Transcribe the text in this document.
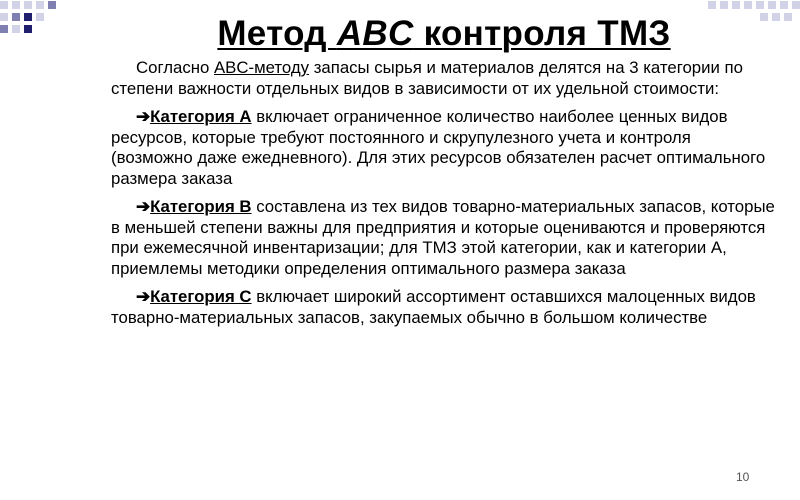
Метод ABC контроля ТМЗ

Согласно ABC-методу запасы сырья и материалов делятся на 3 категории по степени важности отдельных видов в зависимости от их удельной стоимости:

➔Категория А включает ограниченное количество наиболее ценных видов ресурсов, которые требуют постоянного и скрупулезного учета и контроля (возможно даже ежедневного). Для этих ресурсов обязателен расчет оптимального размера заказа

➔Категория В составлена из тех видов товарно-материальных запасов, которые в меньшей степени важны для предприятия и которые оцениваются и проверяются при ежемесячной инвентаризации; для ТМЗ этой категории, как и категории А, приемлемы методики определения оптимального размера заказа

➔Категория С включает широкий ассортимент оставшихся малоценных видов товарно-материальных запасов, закупаемых обычно в большом количестве

10
